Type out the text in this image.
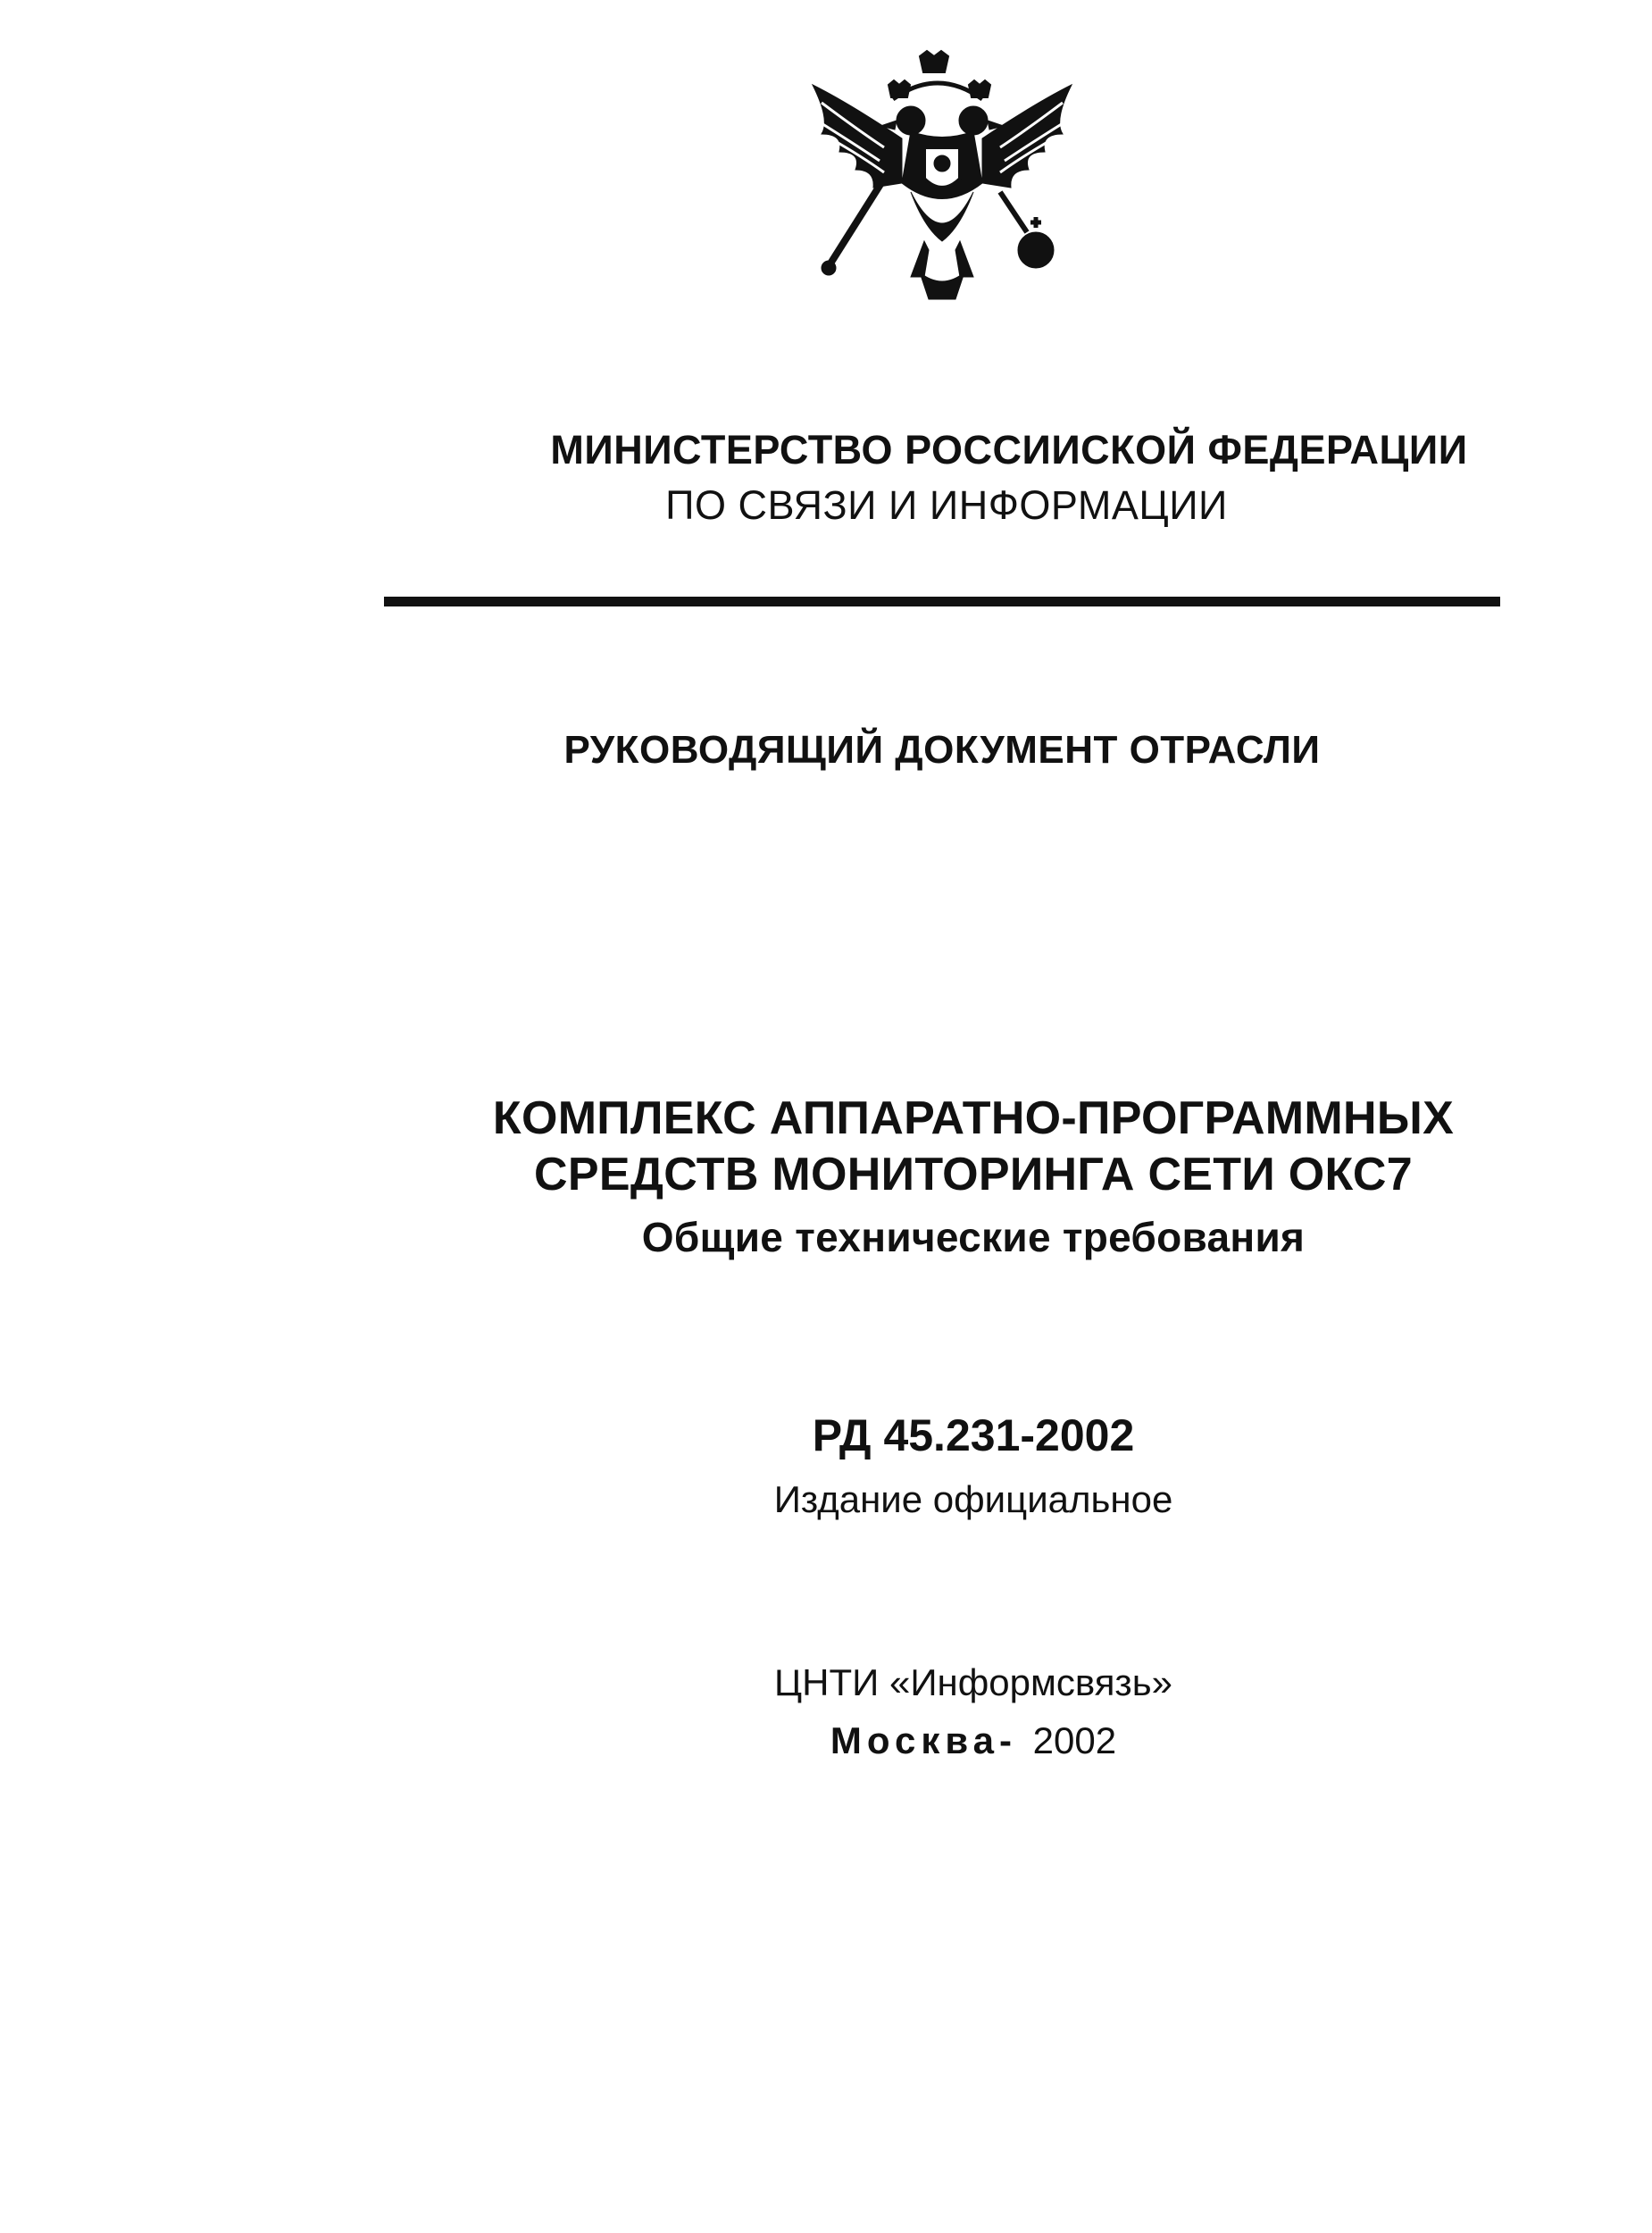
МИНИСТЕРСТВО РОССИИСКОЙ ФЕДЕРАЦИИ
ПО СВЯЗИ И ИНФОРМАЦИИ
РУКОВОДЯЩИЙ ДОКУМЕНТ ОТРАСЛИ
КОМПЛЕКС АППАРАТНО-ПРОГРАММНЫХ
СРЕДСТВ МОНИТОРИНГА СЕТИ ОКС7
Общие технические требования
РД 45.231-2002
Издание официальное
ЦНТИ «Информсвязь»
Москва- 2002
